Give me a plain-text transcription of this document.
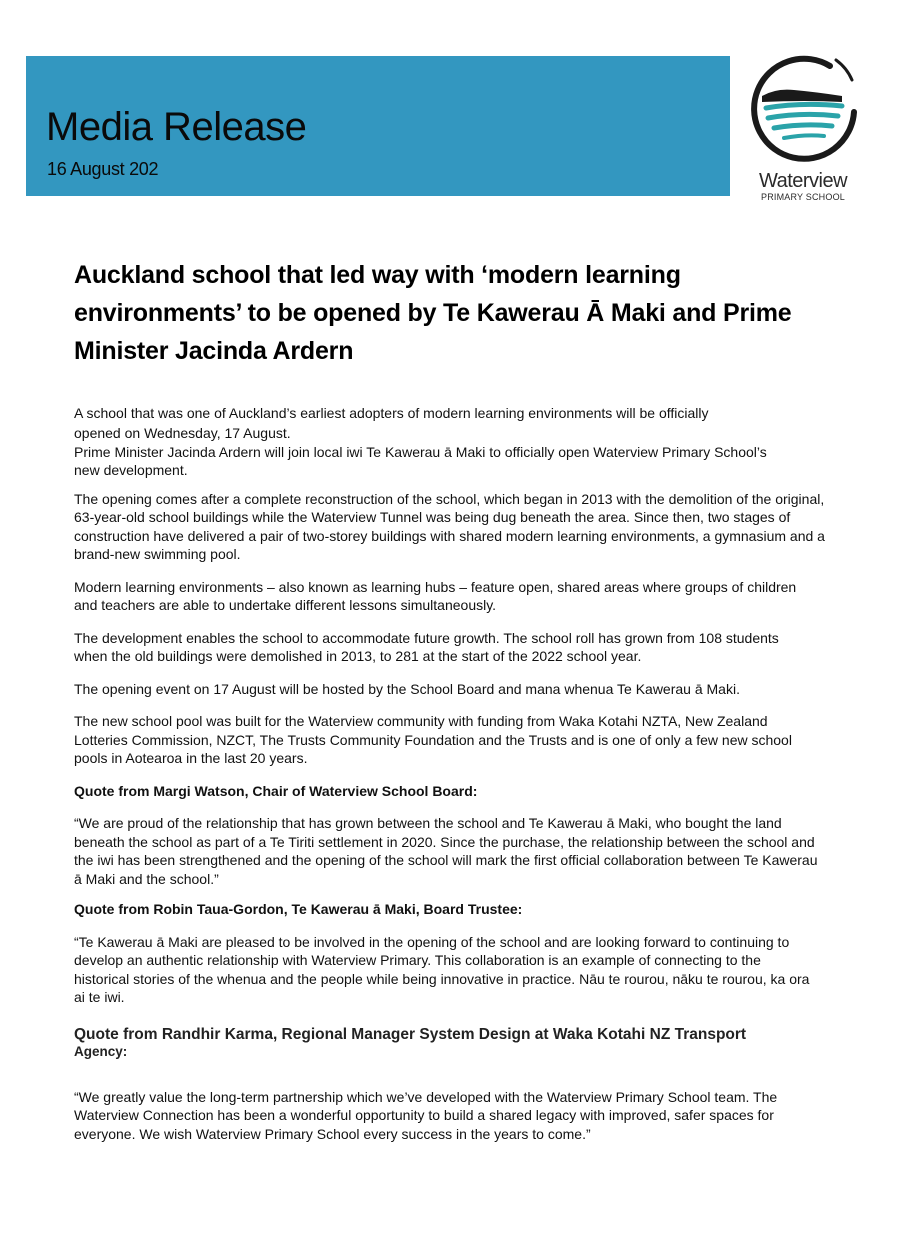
Media Release
16 August 202
Waterview
PRIMARY SCHOOL
Auckland school that led way with ‘modern learning environments’ to be opened by Te Kawerau Ā Maki and Prime Minister Jacinda Ardern

A school that was one of Auckland’s earliest adopters of modern learning environments will be officially

opened on Wednesday, 17 August.

Prime Minister Jacinda Ardern will join local iwi Te Kawerau ā Maki to officially open Waterview Primary School’s new development.

The opening comes after a complete reconstruction of the school, which began in 2013 with the demolition of the original, 63-year-old school buildings while the Waterview Tunnel was being dug beneath the area. Since then, two stages of construction have delivered a pair of two-storey buildings with shared modern learning environments, a gymnasium and a brand-new swimming pool.

Modern learning environments – also known as learning hubs – feature open, shared areas where groups of children and teachers are able to undertake different lessons simultaneously.

The development enables the school to accommodate future growth. The school roll has grown from 108 students when the old buildings were demolished in 2013, to 281 at the start of the 2022 school year.

The opening event on 17 August will be hosted by the School Board and mana whenua Te Kawerau ā Maki.

The new school pool was built for the Waterview community with funding from Waka Kotahi NZTA, New Zealand Lotteries Commission, NZCT, The Trusts Community Foundation and the Trusts and is one of only a few new school pools in Aotearoa in the last 20 years.

Quote from Margi Watson, Chair of Waterview School Board:

“We are proud of the relationship that has grown between the school and Te Kawerau ā Maki, who bought the land beneath the school as part of a Te Tiriti settlement in 2020. Since the purchase, the relationship between the school and the iwi has been strengthened and the opening of the school will mark the first official collaboration between Te Kawerau ā Maki and the school.”

Quote from Robin Taua-Gordon, Te Kawerau ā Maki, Board Trustee:

“Te Kawerau ā Maki are pleased to be involved in the opening of the school and are looking forward to continuing to develop an authentic relationship with Waterview Primary. This collaboration is an example of connecting to the historical stories of the whenua and the people while being innovative in practice. Nāu te rourou, nāku te rourou, ka ora ai te iwi.

Quote from Randhir Karma, Regional Manager System Design at Waka Kotahi NZ Transport

Agency:

“We greatly value the long-term partnership which we’ve developed with the Waterview Primary School team. The Waterview Connection has been a wonderful opportunity to build a shared legacy with improved, safer spaces for everyone. We wish Waterview Primary School every success in the years to come.”
